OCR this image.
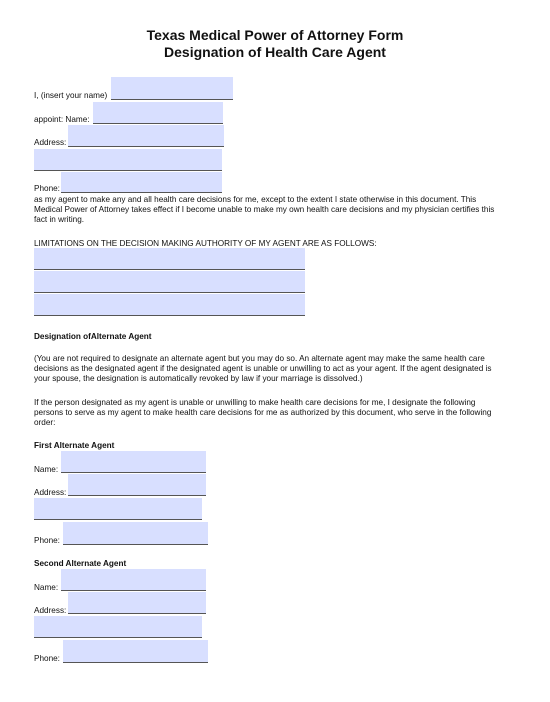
Texas Medical Power of Attorney Form
Designation of Health Care Agent
I, (insert your name)
appoint: Name:
Address:
Phone:
as my agent to make any and all health care decisions for me, except to the extent I state otherwise in this document. This Medical Power of Attorney takes effect if I become unable to make my own health care decisions and my physician certifies this fact in writing.
LIMITATIONS ON THE DECISION MAKING AUTHORITY OF MY AGENT ARE AS FOLLOWS:
Designation ofAlternate Agent
(You are not required to designate an alternate agent but you may do so. An alternate agent may make the same health care decisions as the designated agent if the designated agent is unable or unwilling to act as your agent. If the agent designated is your spouse, the designation is automatically revoked by law if your marriage is dissolved.)
If the person designated as my agent is unable or unwilling to make health care decisions for me, I designate the following persons to serve as my agent to make health care decisions for me as authorized by this document, who serve in the following order:
First Alternate Agent
Name:
Address:
Phone:
Second Alternate Agent
Name:
Address:
Phone:
